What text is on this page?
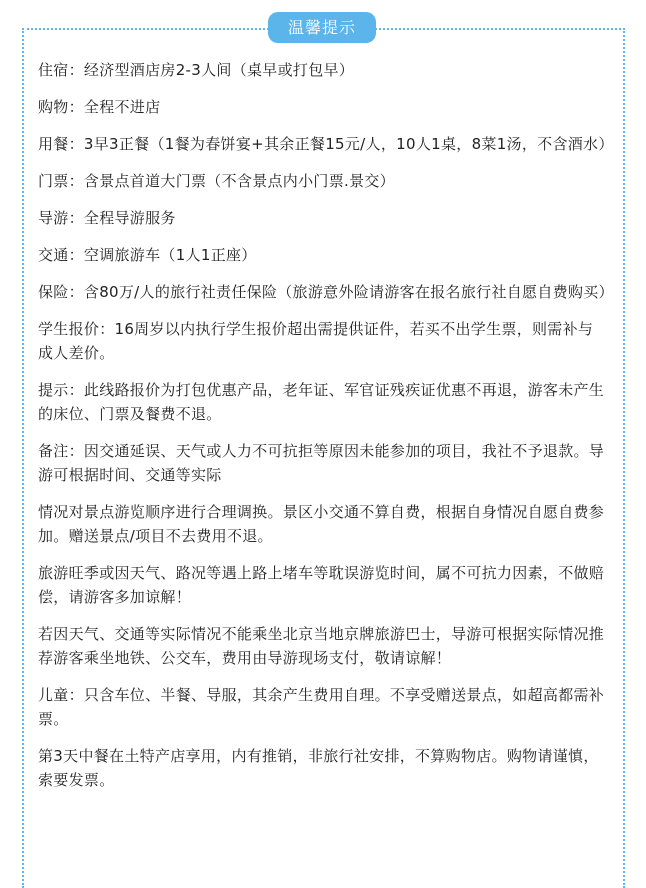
温馨提示

住宿：经济型酒店房2-3人间（桌早或打包早）

购物：全程不进店

用餐：3早3正餐（1餐为春饼宴+其余正餐15元/人，10人1桌，8菜1汤，不含酒水）

门票：含景点首道大门票（不含景点内小门票.景交）

导游：全程导游服务

交通：空调旅游车（1人1正座）

保险：含80万/人的旅行社责任保险（旅游意外险请游客在报名旅行社自愿自费购买）

学生报价：16周岁以内执行学生报价超出需提供证件，若买不出学生票，则需补与成人差价。

提示：此线路报价为打包优惠产品，老年证、军官证残疾证优惠不再退，游客未产生的床位、门票及餐费不退。

备注：因交通延误、天气或人力不可抗拒等原因未能参加的项目，我社不予退款。导游可根据时间、交通等实际

情况对景点游览顺序进行合理调换。景区小交通不算自费，根据自身情况自愿自费参加。赠送景点/项目不去费用不退。

旅游旺季或因天气、路况等遇上路上堵车等耽误游览时间，属不可抗力因素，不做赔偿，请游客多加谅解！

若因天气、交通等实际情况不能乘坐北京当地京牌旅游巴士，导游可根据实际情况推荐游客乘坐地铁、公交车，费用由导游现场支付，敬请谅解！

儿童：只含车位、半餐、导服，其余产生费用自理。不享受赠送景点，如超高都需补票。

第3天中餐在土特产店享用，内有推销，非旅行社安排，不算购物店。购物请谨慎，索要发票。
